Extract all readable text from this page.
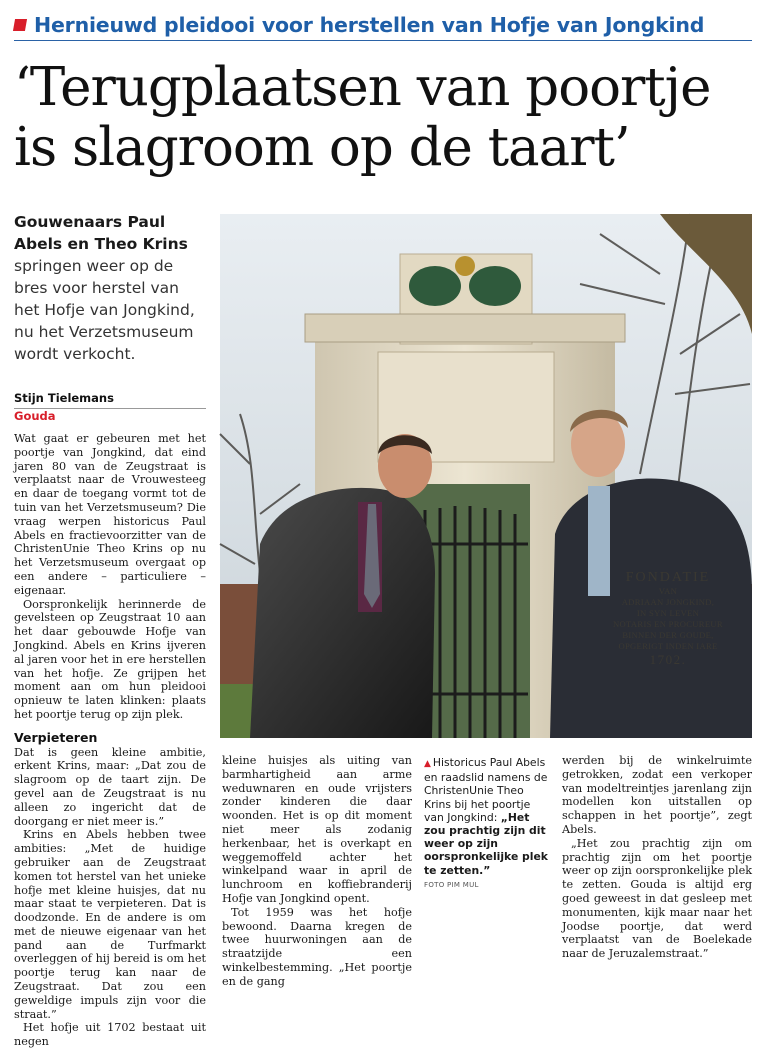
Hernieuwd pleidooi voor herstellen van Hofje van Jongkind
‘Terugplaatsen van poortje
is slagroom op de taart’
Gouwenaars Paul Abels en Theo Krins springen weer op de bres voor herstel van het Hofje van Jongkind, nu het Verzetsmuseum wordt verkocht.
Stijn Tielemans
Gouda

Wat gaat er gebeuren met het poortje van Jongkind, dat eind jaren 80 van de Zeugstraat is verplaatst naar de Vrouwesteeg en daar de toegang vormt tot de tuin van het Verzetsmuseum? Die vraag werpen historicus Paul Abels en fractievoorzitter van de ChristenUnie Theo Krins op nu het Verzetsmuseum overgaat op een andere – particuliere – eigenaar.

Oorspronkelijk herinnerde de gevelsteen op Zeugstraat 10 aan het daar gebouwde Hofje van Jongkind. Abels en Krins ijveren al jaren voor het in ere herstellen van het hofje. Ze grijpen het moment aan om hun pleidooi opnieuw te laten klinken: plaats het poortje terug op zijn plek.

Verpieteren

Dat is geen kleine ambitie, erkent Krins, maar: „Dat zou de slagroom op de taart zijn. De gevel aan de Zeugstraat is nu alleen zo ingericht dat de doorgang er niet meer is.”

Krins en Abels hebben twee ambities: „Met de huidige gebruiker aan de Zeugstraat komen tot herstel van het unieke hofje met kleine huisjes, dat nu maar staat te verpieteren. Dat is doodzonde. En de andere is om met de nieuwe eigenaar van het pand aan de Turfmarkt overleggen of hij bereid is om het poortje terug kan naar de Zeugstraat. Dat zou een geweldige impuls zijn voor die straat.”

Het hofje uit 1702 bestaat uit negen

FONDATIE
VAN
ADRIAAN JONGKIND,
IN SYN LEVEN
NOTARIS EN PROCUREUR
BINNEN DER GOUDE,
OPGERIGT INDEN IARE
1702.

kleine huisjes als uiting van barmhartigheid aan arme weduwnaren en oude vrijsters zonder kinderen die daar woonden. Het is op dit moment niet meer als zodanig herkenbaar, het is overkapt en weggemoffeld achter het winkelpand waar in april de lunchroom en koffiebranderij Hofje van Jongkind opent.

Tot 1959 was het hofje bewoond. Daarna kregen de twee huurwoningen aan de straatzijde een winkelbestemming. „Het poortje en de gang

▲ Historicus Paul Abels en raadslid namens de ChristenUnie Theo Krins bij het poortje van Jongkind: „Het zou prachtig zijn dit weer op zijn oorspronkelijke plek te zetten.”
FOTO PIM MUL

werden bij de winkelruimte getrokken, zodat een verkoper van modeltreintjes jarenlang zijn modellen kon uitstallen op schappen in het poortje”, zegt Abels.

„Het zou prachtig zijn om prachtig zijn om het poortje weer op zijn oorspronkelijke plek te zetten. Gouda is altijd erg goed geweest in dat gesleep met monumenten, kijk maar naar het Joodse poortje, dat werd verplaatst van de Boelekade naar de Jeruzalemstraat.”
